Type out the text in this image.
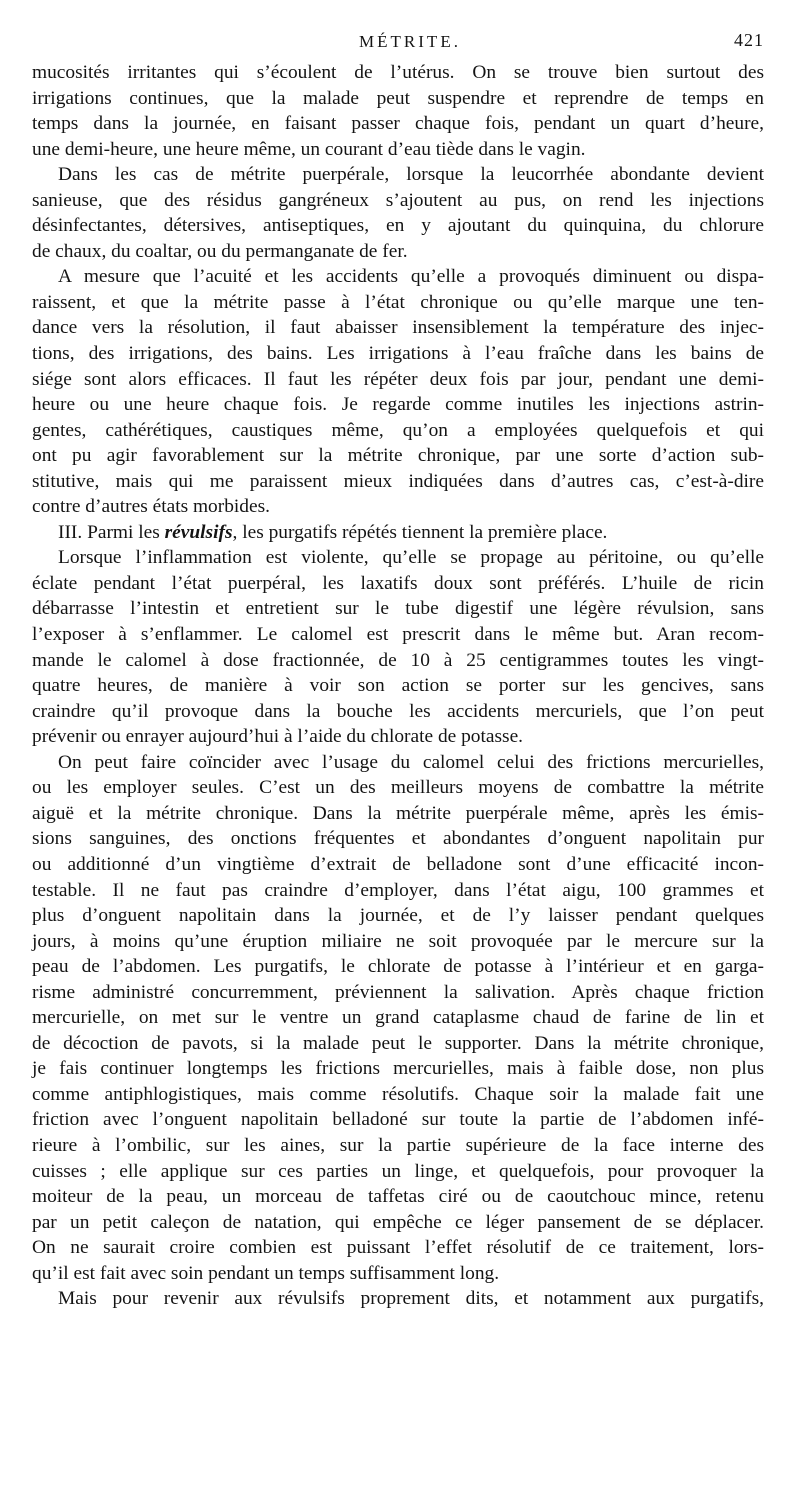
MÉTRITE.	421
mucosités irritantes qui s’écoulent de l’utérus. On se trouve bien surtout des
irrigations continues, que la malade peut suspendre et reprendre de temps en
temps dans la journée, en faisant passer chaque fois, pendant un quart d’heure,
une demi-heure, une heure même, un courant d’eau tiède dans le vagin.
Dans les cas de métrite puerpérale, lorsque la leucorrhée abondante devient
sanieuse, que des résidus gangréneux s’ajoutent au pus, on rend les injections
désinfectantes, détersives, antiseptiques, en y ajoutant du quinquina, du chlorure
de chaux, du coaltar, ou du permanganate de fer.
A mesure que l’acuité et les accidents qu’elle a provoqués diminuent ou dispa-
raissent, et que la métrite passe à l’état chronique ou qu’elle marque une ten-
dance vers la résolution, il faut abaisser insensiblement la température des injec-
tions, des irrigations, des bains. Les irrigations à l’eau fraîche dans les bains de
siége sont alors efficaces. Il faut les répéter deux fois par jour, pendant une demi-
heure ou une heure chaque fois. Je regarde comme inutiles les injections astrin-
gentes, cathérétiques, caustiques même, qu’on a employées quelquefois et qui
ont pu agir favorablement sur la métrite chronique, par une sorte d’action sub-
stitutive, mais qui me paraissent mieux indiquées dans d’autres cas, c’est-à-dire
contre d’autres états morbides.
III. Parmi les révulsifs, les purgatifs répétés tiennent la première place.
Lorsque l’inflammation est violente, qu’elle se propage au péritoine, ou qu’elle
éclate pendant l’état puerpéral, les laxatifs doux sont préférés. L’huile de ricin
débarrasse l’intestin et entretient sur le tube digestif une légère révulsion, sans
l’exposer à s’enflammer. Le calomel est prescrit dans le même but. Aran recom-
mande le calomel à dose fractionnée, de 10 à 25 centigrammes toutes les vingt-
quatre heures, de manière à voir son action se porter sur les gencives, sans
craindre qu’il provoque dans la bouche les accidents mercuriels, que l’on peut
prévenir ou enrayer aujourd’hui à l’aide du chlorate de potasse.
On peut faire coïncider avec l’usage du calomel celui des frictions mercurielles,
ou les employer seules. C’est un des meilleurs moyens de combattre la métrite
aiguë et la métrite chronique. Dans la métrite puerpérale même, après les émis-
sions sanguines, des onctions fréquentes et abondantes d’onguent napolitain pur
ou additionné d’un vingtième d’extrait de belladone sont d’une efficacité incon-
testable. Il ne faut pas craindre d’employer, dans l’état aigu, 100 grammes et
plus d’onguent napolitain dans la journée, et de l’y laisser pendant quelques
jours, à moins qu’une éruption miliaire ne soit provoquée par le mercure sur la
peau de l’abdomen. Les purgatifs, le chlorate de potasse à l’intérieur et en garga-
risme administré concurremment, préviennent la salivation. Après chaque friction
mercurielle, on met sur le ventre un grand cataplasme chaud de farine de lin et
de décoction de pavots, si la malade peut le supporter. Dans la métrite chronique,
je fais continuer longtemps les frictions mercurielles, mais à faible dose, non plus
comme antiphlogistiques, mais comme résolutifs. Chaque soir la malade fait une
friction avec l’onguent napolitain belladoné sur toute la partie de l’abdomen infé-
rieure à l’ombilic, sur les aines, sur la partie supérieure de la face interne des
cuisses ; elle applique sur ces parties un linge, et quelquefois, pour provoquer la
moiteur de la peau, un morceau de taffetas ciré ou de caoutchouc mince, retenu
par un petit caleçon de natation, qui empêche ce léger pansement de se déplacer.
On ne saurait croire combien est puissant l’effet résolutif de ce traitement, lors-
qu’il est fait avec soin pendant un temps suffisamment long.
Mais pour revenir aux révulsifs proprement dits, et notamment aux purgatifs,
